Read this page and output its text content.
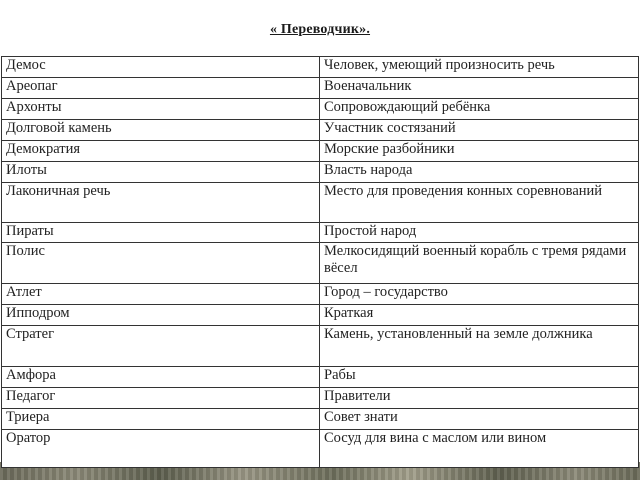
« Переводчик».
Демос	Человек, умеющий произносить речь
Ареопаг	Военачальник
Архонты	Сопровождающий ребёнка
Долговой камень	Участник состязаний
Демократия	Морские разбойники
Илоты	Власть народа
Лаконичная речь	Место для проведения конных соревнований
Пираты	Простой народ
Полис	Мелкосидящий военный корабль с тремя рядами вёсел
Атлет	Город – государство
Ипподром	Краткая
Стратег	Камень, установленный на земле должника
Амфора	Рабы
Педагог	Правители
Триера	Совет знати
Оратор	Сосуд для вина с маслом или вином
